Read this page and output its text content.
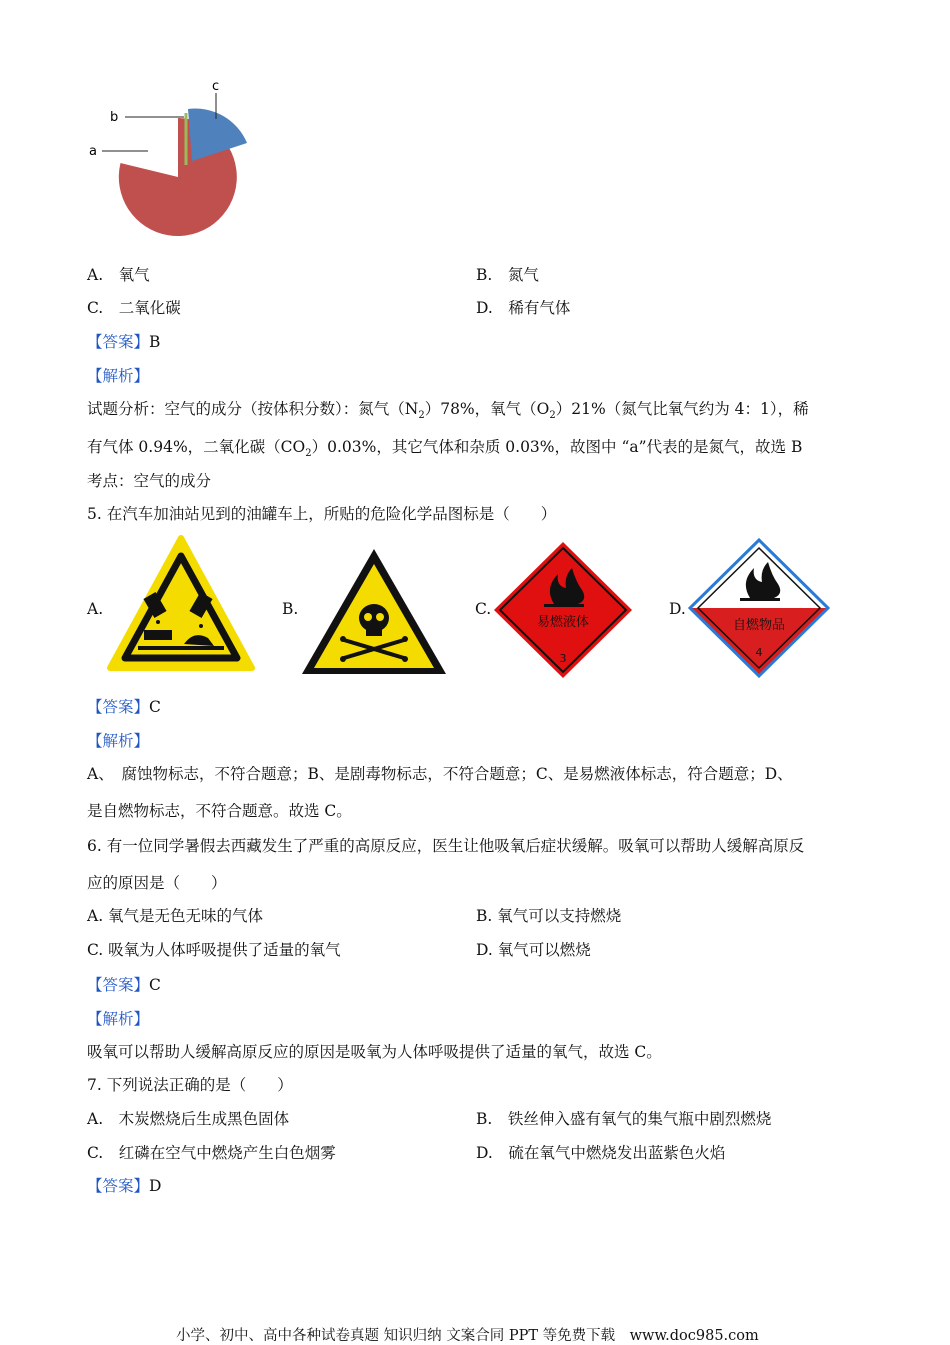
a
b
c
A.　 氧气	B.　 氮气
C.　 二氧化碳	D.　 稀有气体
【答案】B
【解析】
试题分析：空气的成分（按体积分数）：氮气$(N_2)78\%$，氧气$(O_2)21\%$（氮气比氧气约为 4：1），稀
有气体 0.94%，二氧化碳$(CO_2)0.03\%$，其它气体和杂质 0.03%，故图中 “a”代表的是氮气，故选 B
考点：空气的成分
5. 在汽车加油站见到的油罐车上，所贴的危险化学品图标是（　　）
A.	B.	C.	D.
易燃液体
3
自燃物品
4
【答案】C
【解析】
A、　腐蚀物标志，不符合题意；B、是剧毒物标志，不符合题意；C、是易燃液体标志，符合题意；D、
是自燃物标志，不符合题意。故选 C。
6. 有一位同学暑假去西藏发生了严重的高原反应，医生让他吸氧后症状缓解。吸氧可以帮助人缓解高原反
应的原因是（　　）
A. 氧气是无色无味的气体	B. 氧气可以支持燃烧
C. 吸氧为人体呼吸提供了适量的氧气	D. 氧气可以燃烧
【答案】C
【解析】
吸氧可以帮助人缓解高原反应的原因是吸氧为人体呼吸提供了适量的氧气，故选 C。
7. 下列说法正确的是（　　）
A.　 木炭燃烧后生成黑色固体	B.　 铁丝伸入盛有氧气的集气瓶中剧烈燃烧
C.　 红磷在空气中燃烧产生白色烟雾	D.　 硫在氧气中燃烧发出蓝紫色火焰
【答案】D
小学、初中、高中各种试卷真题 知识归纳 文案合同 PPT 等免费下载　www.doc985.com
